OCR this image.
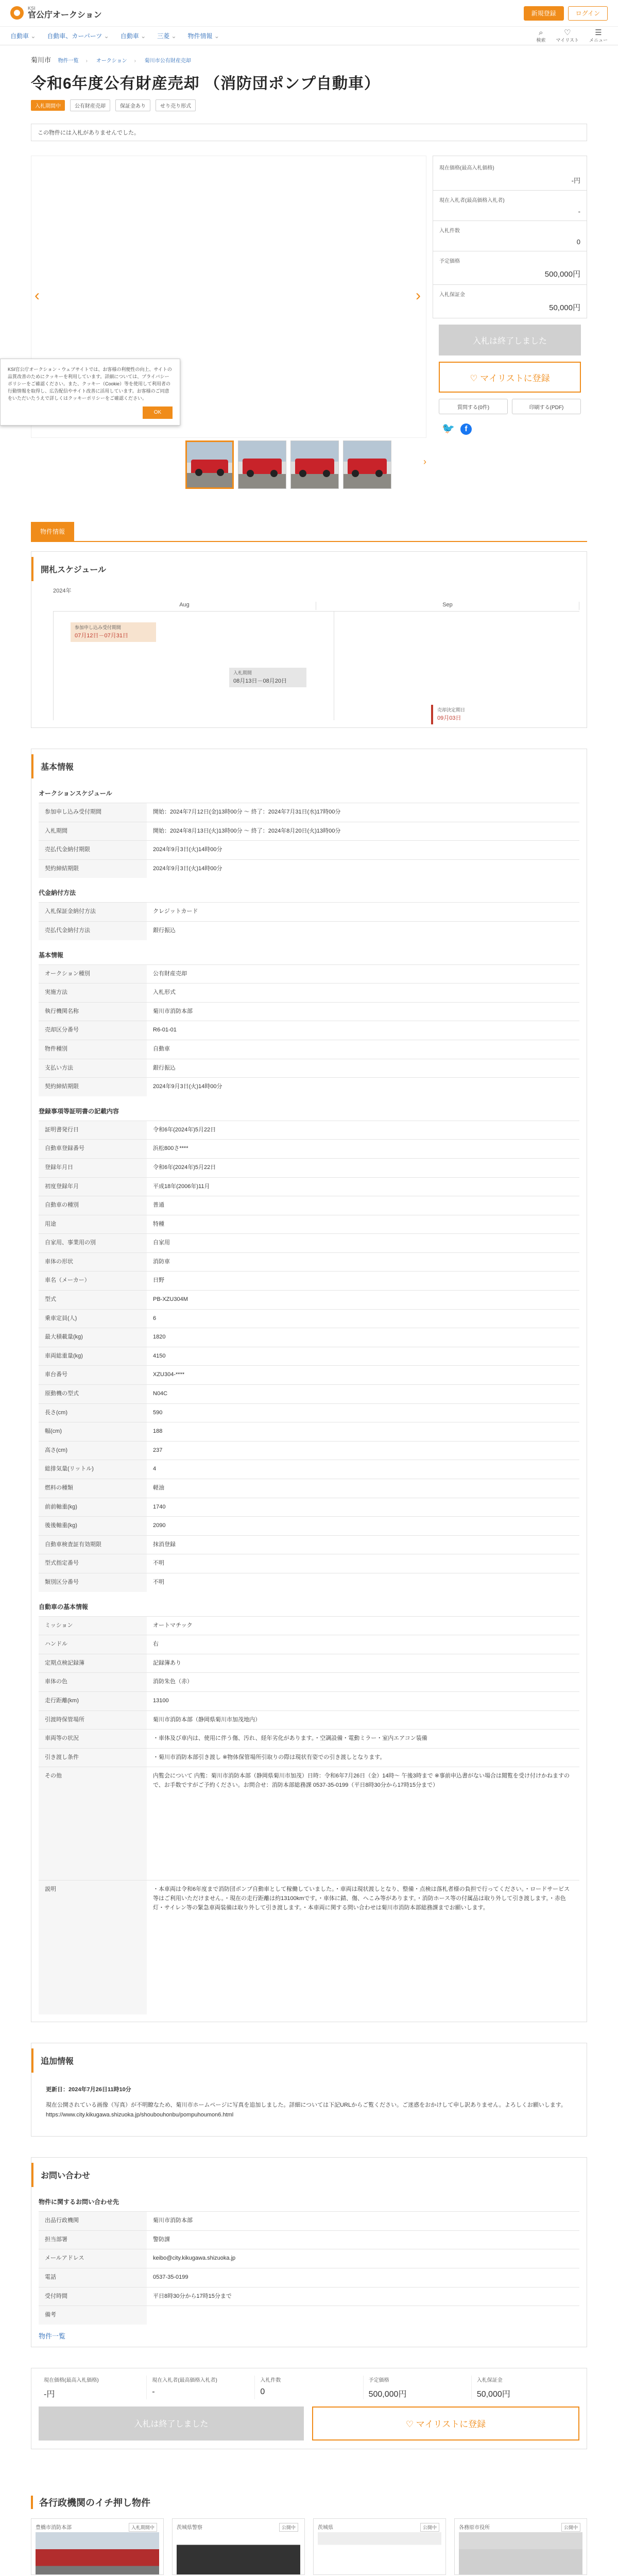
KSI
官公庁オークション	新規登録	ログイン
自動車 ⌄	自動車、カーパーツ ⌄	自動車 ⌄	三菱 ⌄	物件情報 ⌄	⌕
検索
♡
マイリスト
☰
メニュー
菊川市 物件一覧 › オークション › 菊川市公有財産売却
令和6年度公有財産売却 （消防団ポンプ自動車）
入札期間中	公有財産売却	保証金あり	せり売り形式
この物件には入札がありませんでした。
‹	›
›
KSI官公庁オークション・ウェブサイトでは、お客様の利便性の向上、サイトの品質改善のためにクッキーを利用しています。詳細については、プライバシーポリシーをご確認ください。また、クッキー（Cookie）等を使用して利用者の行動情報を取得し、広告配信やサイト改善に活用しています。お客様のご同意をいただいたうえで詳しくはクッキーポリシーをご確認ください。
OK
現在価格(最高入札価格)
-円
現在入札者(最高価格入札者)
-
入札件数
0
予定価格
500,000円
入札保証金
50,000円
入札は終了しました
♡ マイリストに登録
質問する(0件)	印刷する(PDF)
🐦	f
物件情報
開札スケジュール
2024年
Aug	Sep
参加申し込み受付期間
07月12日－07月31日
入札期間
08月13日－08月20日
売却決定期日
09月03日
基本情報
オークションスケジュール
参加申し込み受付期間	開始：2024年7月12日(金)13時00分 ～ 終了：2024年7月31日(水)17時00分
入札期間	開始：2024年8月13日(火)13時00分 ～ 終了：2024年8月20日(火)13時00分
売払代金納付期限	2024年9月3日(火)14時00分
契約締結期限	2024年9月3日(火)14時00分
代金納付方法
入札保証金納付方法	クレジットカード
売払代金納付方法	銀行振込
基本情報
オークション種別	公有財産売却
実施方法	入札形式
執行機関名称	菊川市消防本部
売却区分番号	R6-01-01
物件種別	自動車
支払い方法	銀行振込
契約締結期限	2024年9月3日(火)14時00分
登録事項等証明書の記載内容
証明書発行日	令和6年(2024年)5月22日
自動車登録番号	浜松800さ****
登録年月日	令和6年(2024年)5月22日
初度登録年月	平成18年(2006年)11月
自動車の種別	普通
用途	特種
自家用、事業用の別	自家用
車体の形状	消防車
車名（メーカー）	日野
型式	PB-XZU304M
乗車定員(人)	6
最大積載量(kg)	1820
車両総重量(kg)	4150
車台番号	XZU304-****
原動機の型式	N04C
長さ(cm)	590
幅(cm)	188
高さ(cm)	237
総排気量(リットル)	4
燃料の種類	軽油
前前軸重(kg)	1740
後後軸重(kg)	2090
自動車検査証有効期限	抹消登録
型式指定番号	不明
類別区分番号	不明
自動車の基本情報
ミッション	オートマチック
ハンドル	右
定期点検記録簿	記録簿あり
車体の色	消防朱色（赤）
走行距離(km)	13100
引渡時保管場所	菊川市消防本部（静岡県菊川市加茂地内）
車両等の状況	・車体及び車内は、使用に伴う傷、汚れ、経年劣化があります。・空調設備・電動ミラー・室内エアコン装備
引き渡し条件	・菊川市消防本部引き渡し ※物体保管場所引取りの際は現状有姿での引き渡しとなります。
その他	内覧会について 内覧：菊川市消防本部（静岡県菊川市加茂）日時：令和6年7月26日（金）14時〜 午後3時まで ※事前申込書がない場合は閲覧を受け付けかねますので、お手数ですがご予約ください。お問合せ：消防本部総務課 0537-35-0199（平日8時30分から17時15分まで）
説明	・本車両は令和6年度まで消防団ポンプ自動車として稼働していました。・車両は現状渡しとなり、整備・点検は落札者様の負担で行ってください。・ロードサービス等はご利用いただけません。・現在の走行距離は約13100kmです。・車体に錆、傷、へこみ等があります。・消防ホース等の付属品は取り外して引き渡します。・赤色灯・サイレン等の緊急車両装備は取り外して引き渡します。・本車両に関する問い合わせは菊川市消防本部総務課までお願いします。
追加情報
更新日：2024年7月26日11時10分
現在公開されている画像（写真）が不明瞭なため、菊川市ホームページに写真を追加しました。詳細については下記URLからご覧ください。ご迷惑をおかけして申し訳ありません。よろしくお願いします。
https://www.city.kikugawa.shizuoka.jp/shoubouhonbu/pompuhoumon6.html
お問い合わせ
物件に関するお問い合わせ先
出品行政機関	菊川市消防本部
担当部署	警防課
メールアドレス	keibo@city.kikugawa.shizuoka.jp
電話	0537-35-0199
受付時間	平日8時30分から17時15分まで
備考	
物件一覧
現在価格(最高入札価格)
-円
現在入札者(最高価格入札者)
-
入札件数
0
予定価格
500,000円
入札保証金
50,000円
入札は終了しました	♡ マイリストに登録
各行政機関のイチ押し物件
豊橋市消防本部	入札期間中	茨城県警察	公開中	茨城県	公開中	各務原市役所	公開中
